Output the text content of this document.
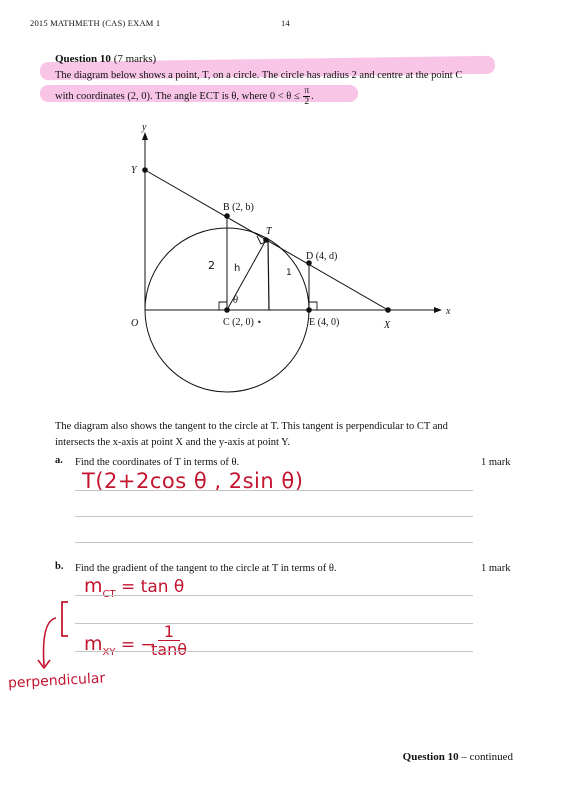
2015 MATHMETH (CAS) EXAM 1	14
Question 10 (7 marks)
The diagram below shows a point, T, on a circle. The circle has radius 2 and centre at the point C
with coordinates (2, 0). The angle ECT is θ, where $0 < \theta \le \frac{\pi}{2}$ .
y
x
O
Y
X
B (2, b)
T
D (4, d)
C (2, 0)	E (4, 0)
θ
2 h	1
•
The diagram also shows the tangent to the circle at T. This tangent is perpendicular to CT and
intersects the x-axis at point X and the y-axis at point Y.
a. Find the coordinates of T in terms of θ.	1 mark
T(2+2cos θ , 2sin θ)
b. Find the gradient of the tangent to the circle at T in terms of θ.	1 mark
$m_{CT} = \tan \theta$
$m_{XY}$ = −
$\frac{1}{\tan\theta}$
perpendicular
Question 10 – continued
